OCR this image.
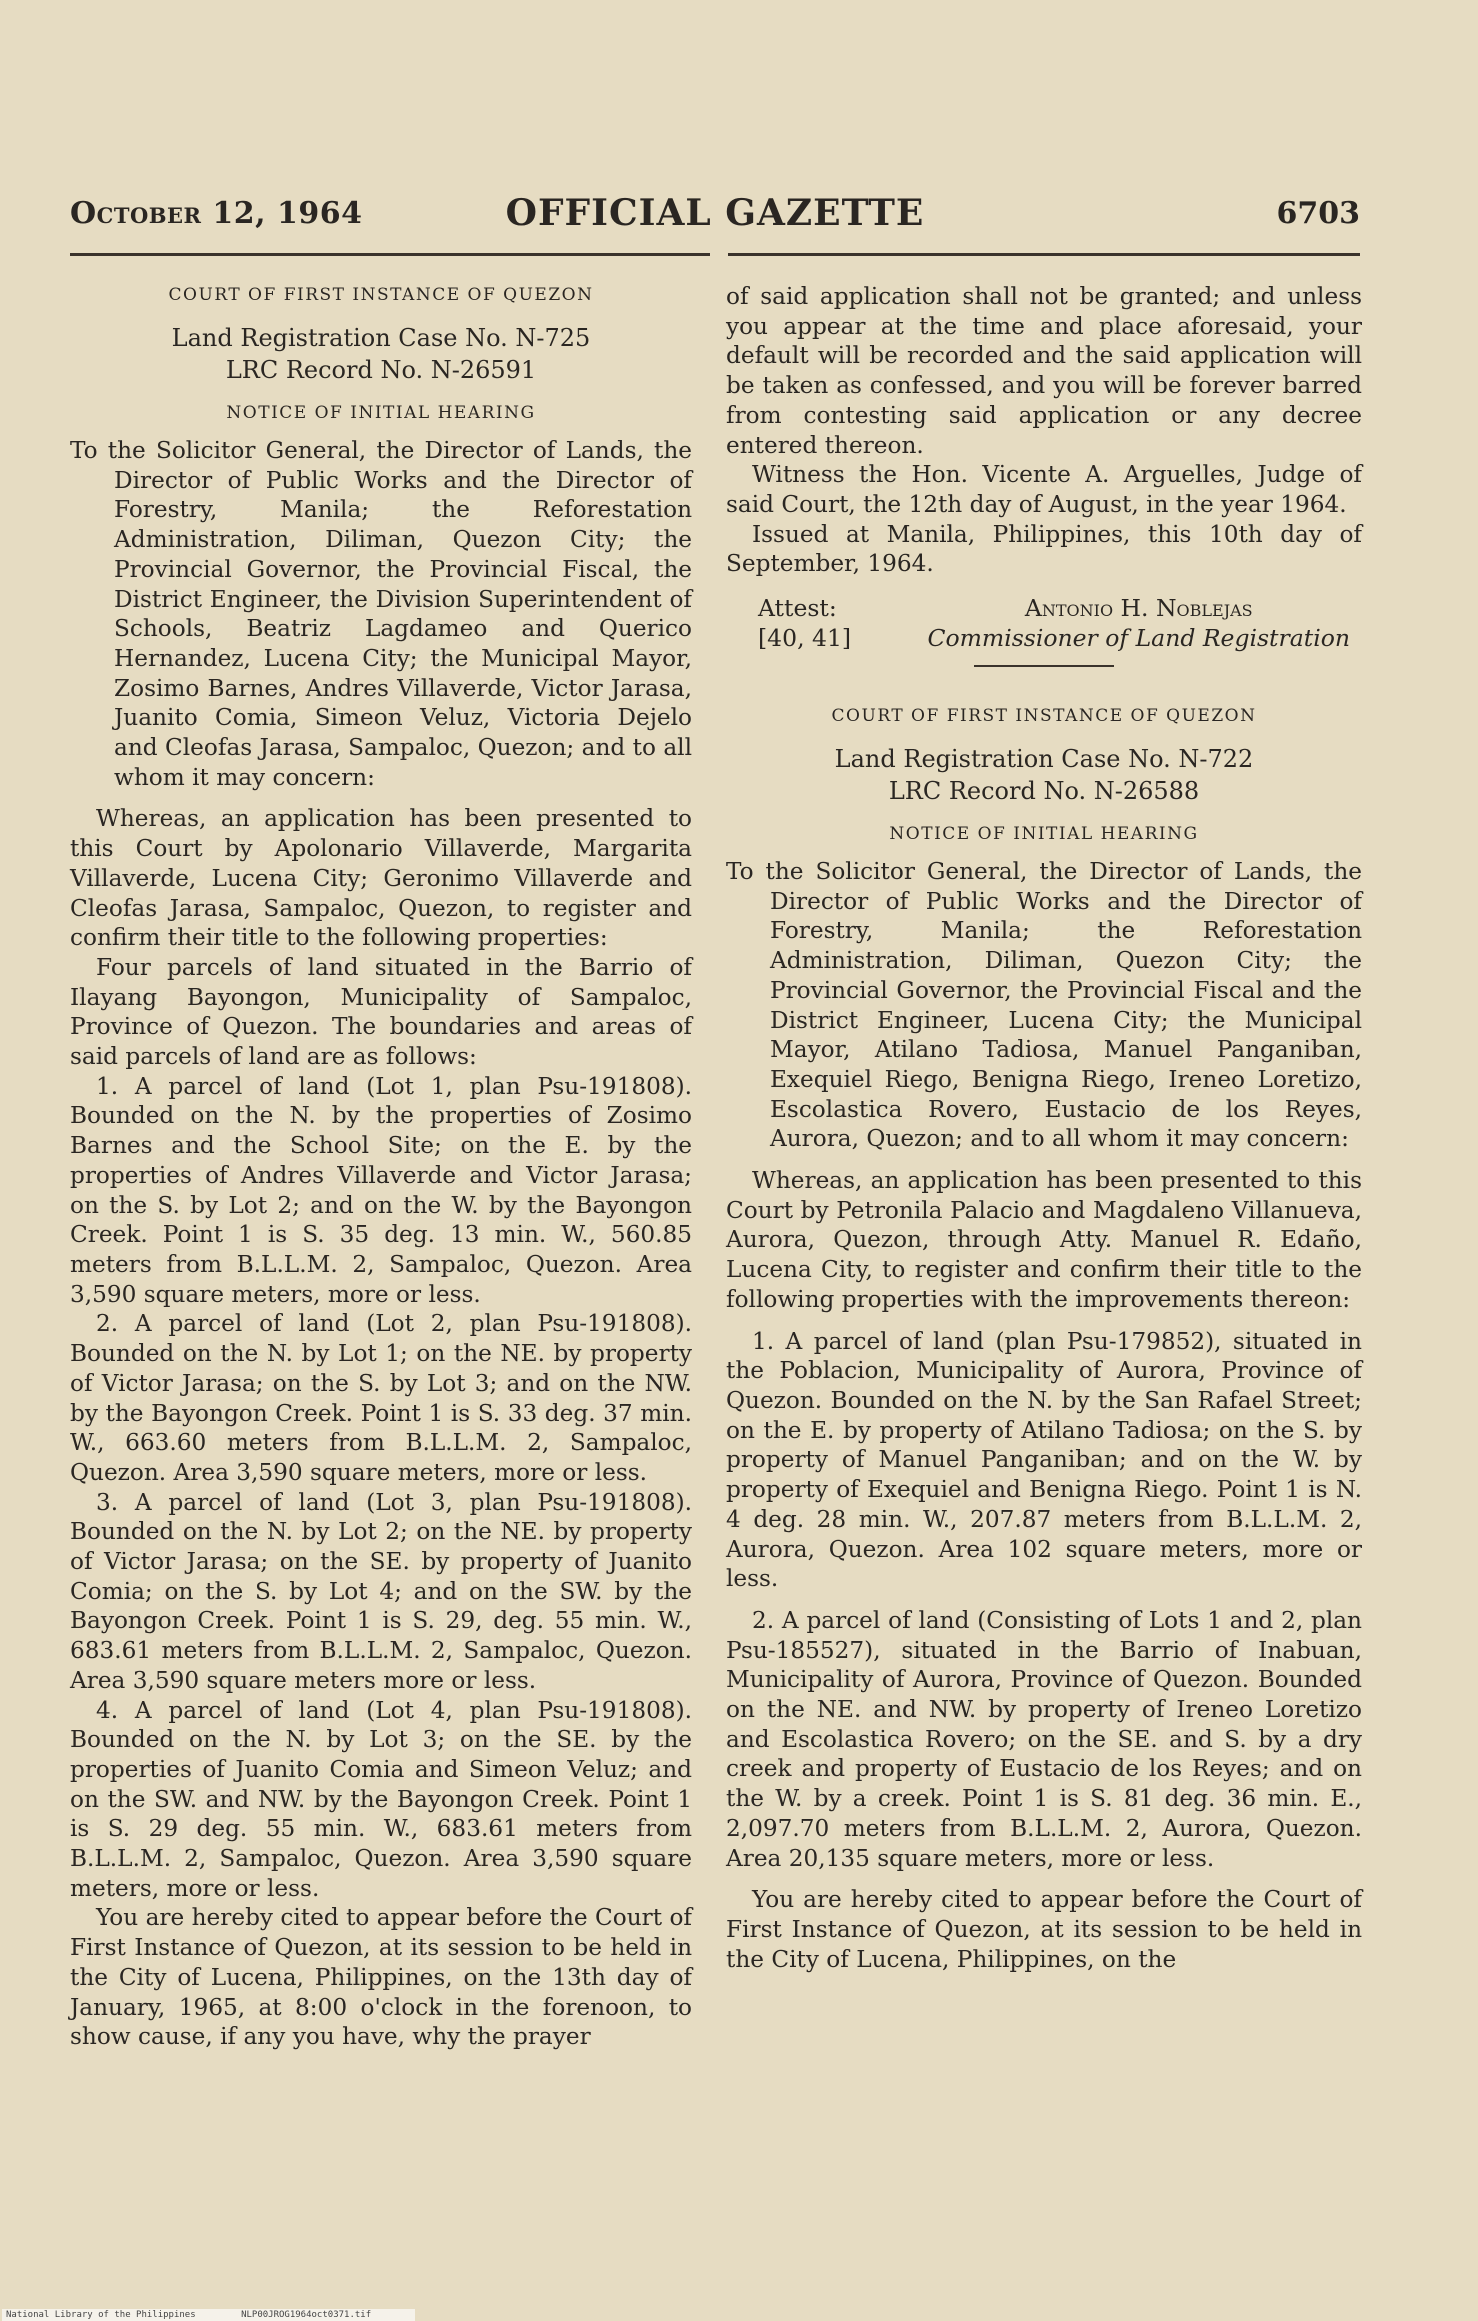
October 12, 1964	OFFICIAL GAZETTE	6703
COURT OF FIRST INSTANCE OF QUEZON
Land Registration Case No. N-725
LRC Record No. N-26591
NOTICE OF INITIAL HEARING
To the Solicitor General, the Director of Lands, the Director of Public Works and the Director of Forestry, Manila; the Reforestation Administration, Diliman, Quezon City; the Provincial Governor, the Provincial Fiscal, the District Engineer, the Division Superintendent of Schools, Beatriz Lagdameo and Querico Hernandez, Lucena City; the Municipal Mayor, Zosimo Barnes, Andres Villaverde, Victor Jarasa, Juanito Comia, Simeon Veluz, Victoria Dejelo and Cleofas Jarasa, Sampaloc, Quezon; and to all whom it may concern:

Whereas, an application has been presented to this Court by Apolonario Villaverde, Margarita Villaverde, Lucena City; Geronimo Villaverde and Cleofas Jarasa, Sampaloc, Quezon, to register and confirm their title to the following properties:

Four parcels of land situated in the Barrio of Ilayang Bayongon, Municipality of Sampaloc, Province of Quezon. The boundaries and areas of said parcels of land are as follows:

1. A parcel of land (Lot 1, plan Psu-191808). Bounded on the N. by the properties of Zosimo Barnes and the School Site; on the E. by the properties of Andres Villaverde and Victor Jarasa; on the S. by Lot 2; and on the W. by the Bayongon Creek. Point 1 is S. 35 deg. 13 min. W., 560.85 meters from B.L.L.M. 2, Sampaloc, Quezon. Area 3,590 square meters, more or less.

2. A parcel of land (Lot 2, plan Psu-191808). Bounded on the N. by Lot 1; on the NE. by property of Victor Jarasa; on the S. by Lot 3; and on the NW. by the Bayongon Creek. Point 1 is S. 33 deg. 37 min. W., 663.60 meters from B.L.L.M. 2, Sampaloc, Quezon. Area 3,590 square meters, more or less.

3. A parcel of land (Lot 3, plan Psu-191808). Bounded on the N. by Lot 2; on the NE. by property of Victor Jarasa; on the SE. by property of Juanito Comia; on the S. by Lot 4; and on the SW. by the Bayongon Creek. Point 1 is S. 29, deg. 55 min. W., 683.61 meters from B.L.L.M. 2, Sampaloc, Quezon. Area 3,590 square meters more or less.

4. A parcel of land (Lot 4, plan Psu-191808). Bounded on the N. by Lot 3; on the SE. by the properties of Juanito Comia and Simeon Veluz; and on the SW. and NW. by the Bayongon Creek. Point 1 is S. 29 deg. 55 min. W., 683.61 meters from B.L.L.M. 2, Sampaloc, Quezon. Area 3,590 square meters, more or less.

You are hereby cited to appear before the Court of First Instance of Quezon, at its session to be held in the City of Lucena, Philippines, on the 13th day of January, 1965, at 8:00 o'clock in the forenoon, to show cause, if any you have, why the prayer

of said application shall not be granted; and unless you appear at the time and place aforesaid, your default will be recorded and the said application will be taken as confessed, and you will be forever barred from contesting said application or any decree entered thereon.

Witness the Hon. Vicente A. Arguelles, Judge of said Court, the 12th day of August, in the year 1964.

Issued at Manila, Philippines, this 10th day of September, 1964.

Attest:
[40, 41]
Antonio H. Noblejas
Commissioner of Land Registration
COURT OF FIRST INSTANCE OF QUEZON
Land Registration Case No. N-722
LRC Record No. N-26588
NOTICE OF INITIAL HEARING
To the Solicitor General, the Director of Lands, the Director of Public Works and the Director of Forestry, Manila; the Reforestation Administration, Diliman, Quezon City; the Provincial Governor, the Provincial Fiscal and the District Engineer, Lucena City; the Municipal Mayor, Atilano Tadiosa, Manuel Panganiban, Exequiel Riego, Benigna Riego, Ireneo Loretizo, Escolastica Rovero, Eustacio de los Reyes, Aurora, Quezon; and to all whom it may concern:

Whereas, an application has been presented to this Court by Petronila Palacio and Magdaleno Villanueva, Aurora, Quezon, through Atty. Manuel R. Edaño, Lucena City, to register and confirm their title to the following properties with the improvements thereon:

1. A parcel of land (plan Psu-179852), situated in the Poblacion, Municipality of Aurora, Province of Quezon. Bounded on the N. by the San Rafael Street; on the E. by property of Atilano Tadiosa; on the S. by property of Manuel Panganiban; and on the W. by property of Exequiel and Benigna Riego. Point 1 is N. 4 deg. 28 min. W., 207.87 meters from B.L.L.M. 2, Aurora, Quezon. Area 102 square meters, more or less.

2. A parcel of land (Consisting of Lots 1 and 2, plan Psu-185527), situated in the Barrio of Inabuan, Municipality of Aurora, Province of Quezon. Bounded on the NE. and NW. by property of Ireneo Loretizo and Escolastica Rovero; on the SE. and S. by a dry creek and property of Eustacio de los Reyes; and on the W. by a creek. Point 1 is S. 81 deg. 36 min. E., 2,097.70 meters from B.L.L.M. 2, Aurora, Quezon. Area 20,135 square meters, more or less.

You are hereby cited to appear before the Court of First Instance of Quezon, at its session to be held in the City of Lucena, Philippines, on the

National Library of the Philippines	NLP00JROG1964oct0371.tif
